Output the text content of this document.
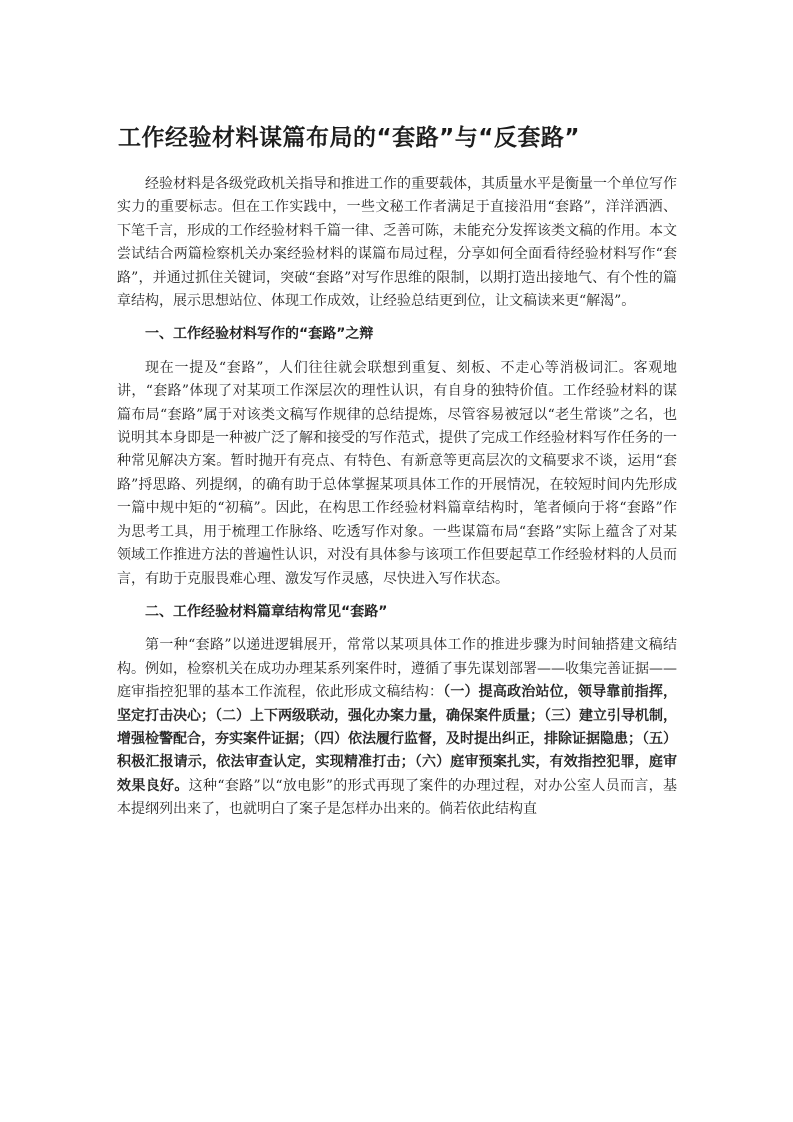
工作经验材料谋篇布局的“套路”与“反套路”

经验材料是各级党政机关指导和推进工作的重要载体，其质量水平是衡量一个单位写作实力的重要标志。但在工作实践中，一些文秘工作者满足于直接沿用“套路”，洋洋洒洒、下笔千言，形成的工作经验材料千篇一律、乏善可陈，未能充分发挥该类文稿的作用。本文尝试结合两篇检察机关办案经验材料的谋篇布局过程，分享如何全面看待经验材料写作“套路”，并通过抓住关键词，突破“套路”对写作思维的限制，以期打造出接地气、有个性的篇章结构，展示思想站位、体现工作成效，让经验总结更到位，让文稿读来更“解渴”。

一、工作经验材料写作的“套路”之辩

现在一提及“套路”，人们往往就会联想到重复、刻板、不走心等消极词汇。客观地讲，“套路”体现了对某项工作深层次的理性认识，有自身的独特价值。工作经验材料的谋篇布局“套路”属于对该类文稿写作规律的总结提炼，尽管容易被冠以“老生常谈”之名，也说明其本身即是一种被广泛了解和接受的写作范式，提供了完成工作经验材料写作任务的一种常见解决方案。暂时抛开有亮点、有特色、有新意等更高层次的文稿要求不谈，运用“套路”捋思路、列提纲，的确有助于总体掌握某项具体工作的开展情况，在较短时间内先形成一篇中规中矩的“初稿”。因此，在构思工作经验材料篇章结构时，笔者倾向于将“套路”作为思考工具，用于梳理工作脉络、吃透写作对象。一些谋篇布局“套路”实际上蕴含了对某领域工作推进方法的普遍性认识，对没有具体参与该项工作但要起草工作经验材料的人员而言，有助于克服畏难心理、激发写作灵感，尽快进入写作状态。

二、工作经验材料篇章结构常见“套路”

第一种“套路”以递进逻辑展开，常常以某项具体工作的推进步骤为时间轴搭建文稿结构。例如，检察机关在成功办理某系列案件时，遵循了事先谋划部署——收集完善证据——庭审指控犯罪的基本工作流程，依此形成文稿结构：（一）提高政治站位，领导靠前指挥，坚定打击决心；（二）上下两级联动，强化办案力量，确保案件质量；（三）建立引导机制，增强检警配合，夯实案件证据；（四）依法履行监督，及时提出纠正，排除证据隐患；（五）积极汇报请示，依法审查认定，实现精准打击；（六）庭审预案扎实，有效指控犯罪，庭审效果良好。这种“套路”以“放电影”的形式再现了案件的办理过程，对办公室人员而言，基本提纲列出来了，也就明白了案子是怎样办出来的。倘若依此结构直
